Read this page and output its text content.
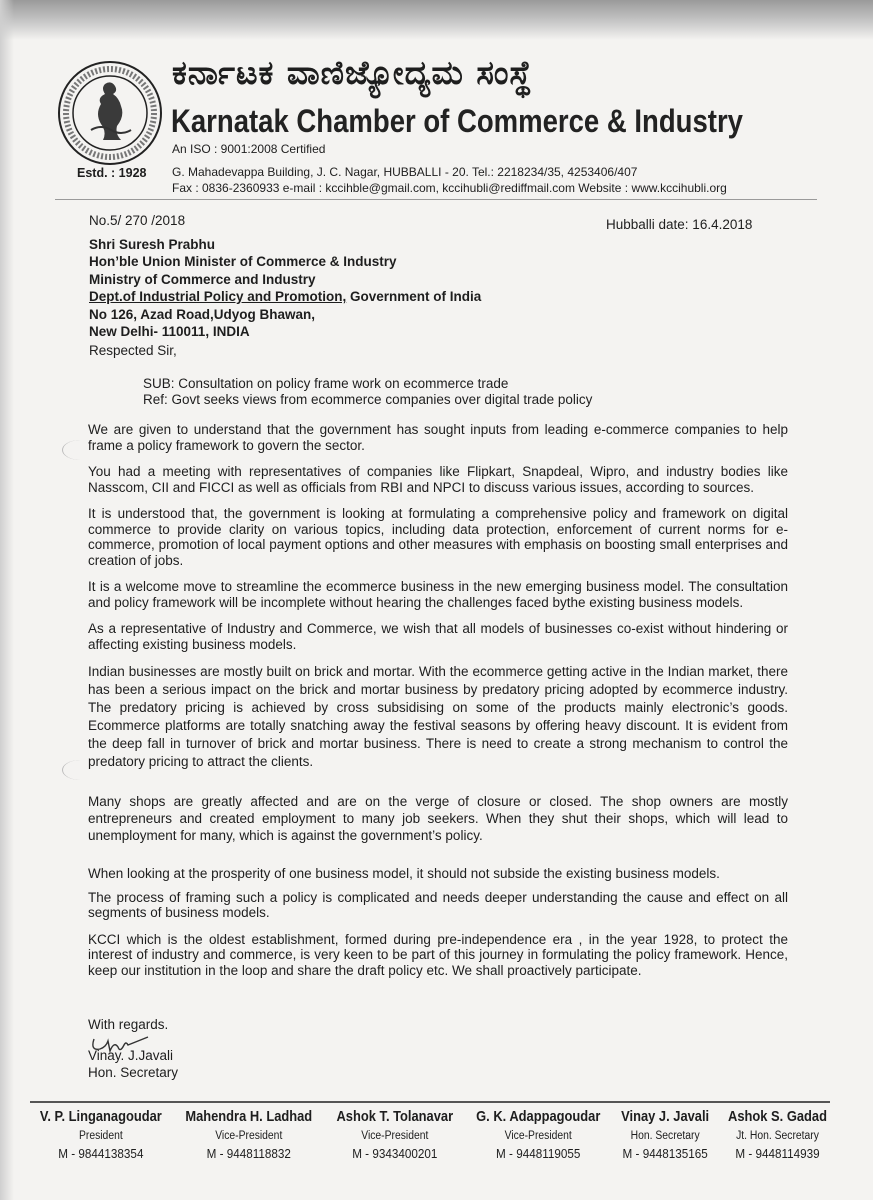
Estd. : 1928
ಕರ್ನಾಟಕ ವಾಣಿಜ್ಯೋದ್ಯಮ ಸಂಸ್ಥೆ
Karnatak Chamber of Commerce & Industry
An ISO : 9001:2008 Certified
G. Mahadevappa Building, J. C. Nagar, HUBBALLI - 20. Tel.: 2218234/35, 4253406/407
Fax : 0836-2360933 e-mail : kccihble@gmail.com, kccihubli@rediffmail.com Website : www.kccihubli.org
No.5/ 270 /2018	Hubballi date: 16.4.2018
Shri Suresh Prabhu
Hon’ble Union Minister of Commerce & Industry
Ministry of Commerce and Industry
Dept.of Industrial Policy and Promotion, Government of India
No 126, Azad Road,Udyog Bhawan,
New Delhi- 110011, INDIA
Respected Sir,
SUB: Consultation on policy frame work on ecommerce trade
Ref: Govt seeks views from ecommerce companies over digital trade policy

We are given to understand that the government has sought inputs from leading e-commerce companies to help frame a policy framework to govern the sector.

You had a meeting with representatives of companies like Flipkart, Snapdeal, Wipro, and industry bodies like Nasscom, CII and FICCI as well as officials from RBI and NPCI to discuss various issues, according to sources.

It is understood that, the government is looking at formulating a comprehensive policy and framework on digital commerce to provide clarity on various topics, including data protection, enforcement of current norms for e-commerce, promotion of local payment options and other measures with emphasis on boosting small enterprises and creation of jobs.

It is a welcome move to streamline the ecommerce business in the new emerging business model. The consultation and policy framework will be incomplete without hearing the challenges faced bythe existing business models.

As a representative of Industry and Commerce, we wish that all models of businesses co-exist without hindering or affecting existing business models.

Indian businesses are mostly built on brick and mortar. With the ecommerce getting active in the Indian market, there has been a serious impact on the brick and mortar business by predatory pricing adopted by ecommerce industry. The predatory pricing is achieved by cross subsidising on some of the products mainly electronic’s goods. Ecommerce platforms are totally snatching away the festival seasons by offering heavy discount. It is evident from the deep fall in turnover of brick and mortar business. There is need to create a strong mechanism to control the predatory pricing to attract the clients.

Many shops are greatly affected and are on the verge of closure or closed. The shop owners are mostly entrepreneurs and created employment to many job seekers. When they shut their shops, which will lead to unemployment for many, which is against the government’s policy.

When looking at the prosperity of one business model, it should not subside the existing business models.

The process of framing such a policy is complicated and needs deeper understanding the cause and effect on all segments of business models.

KCCI which is the oldest establishment, formed during pre-independence era , in the year 1928, to protect the interest of industry and commerce, is very keen to be part of this journey in formulating the policy framework. Hence, keep our institution in the loop and share the draft policy etc. We shall proactively participate.

With regards.
Vinay. J.Javali
Hon. Secretary
V. P. Linganagoudar
President
M - 9844138354
Mahendra H. Ladhad
Vice-President
M - 9448118832
Ashok T. Tolanavar
Vice-President
M - 9343400201
G. K. Adappagoudar
Vice-President
M - 9448119055
Vinay J. Javali
Hon. Secretary
M - 9448135165
Ashok S. Gadad
Jt. Hon. Secretary
M - 9448114939
